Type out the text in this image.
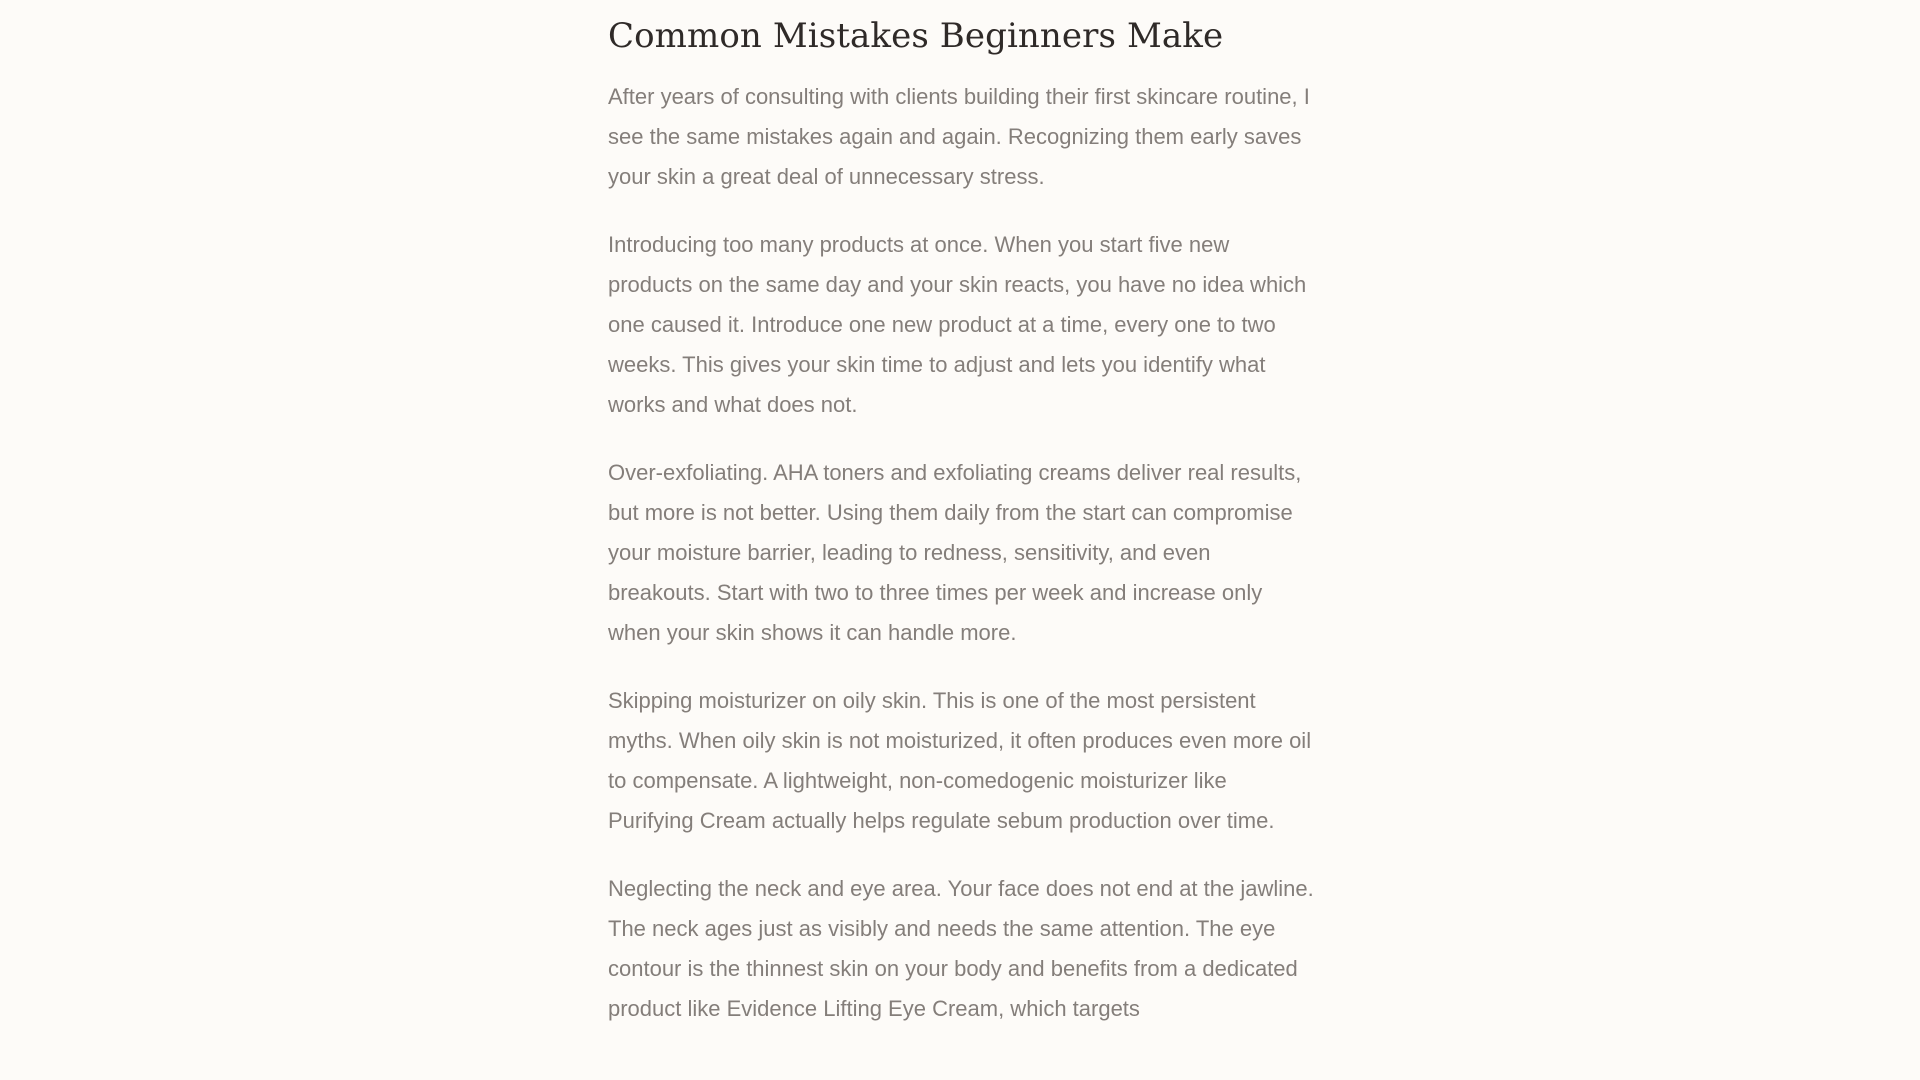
Common Mistakes Beginners Make

After years of consulting with clients building their first skincare routine, I see the same mistakes again and again. Recognizing them early saves your skin a great deal of unnecessary stress.

Introducing too many products at once. When you start five new products on the same day and your skin reacts, you have no idea which one caused it. Introduce one new product at a time, every one to two weeks. This gives your skin time to adjust and lets you identify what works and what does not.

Over-exfoliating. AHA toners and exfoliating creams deliver real results, but more is not better. Using them daily from the start can compromise your moisture barrier, leading to redness, sensitivity, and even breakouts. Start with two to three times per week and increase only when your skin shows it can handle more.

Skipping moisturizer on oily skin. This is one of the most persistent myths. When oily skin is not moisturized, it often produces even more oil to compensate. A lightweight, non-comedogenic moisturizer like Purifying Cream actually helps regulate sebum production over time.

Neglecting the neck and eye area. Your face does not end at the jawline. The neck ages just as visibly and needs the same attention. The eye contour is the thinnest skin on your body and benefits from a dedicated product like Evidence Lifting Eye Cream, which targets
